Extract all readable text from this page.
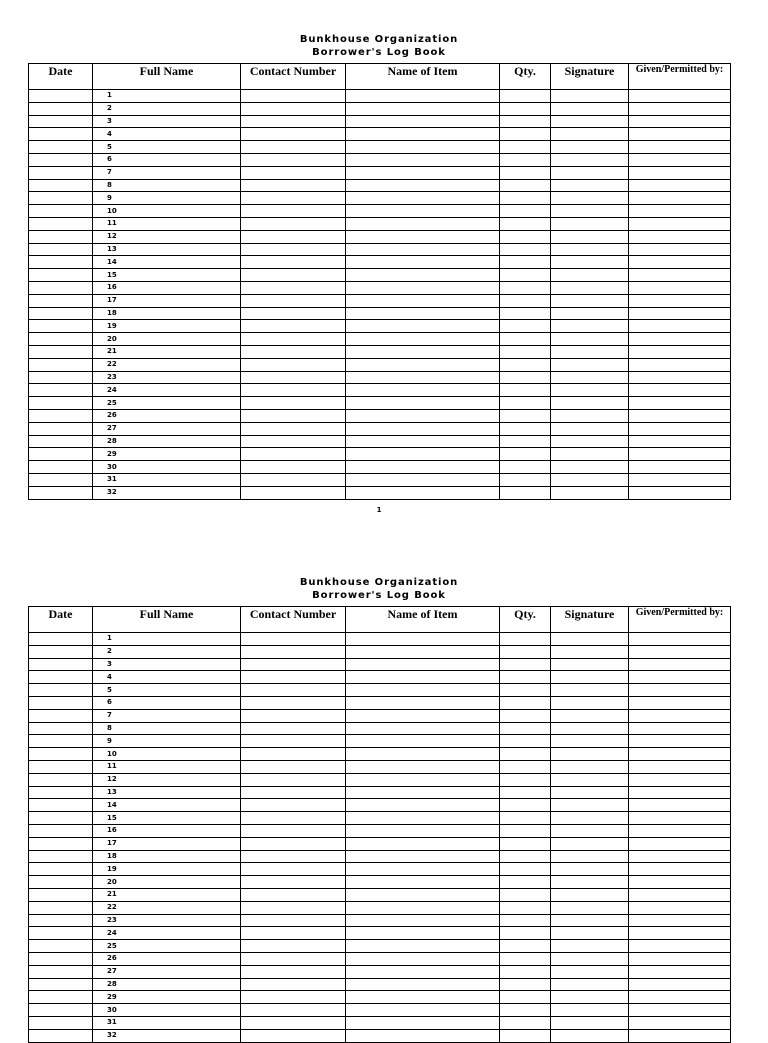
Bunkhouse Organization
Borrower's Log Book
Date	Full Name	Contact Number	Name of Item	Qty.	Signature	Given/Permitted by:
	1					
	2					
	3					
	4					
	5					
	6					
	7					
	8					
	9					
	10					
	11					
	12					
	13					
	14					
	15					
	16					
	17					
	18					
	19					
	20					
	21					
	22					
	23					
	24					
	25					
	26					
	27					
	28					
	29					
	30					
	31					
	32					
1
Bunkhouse Organization
Borrower's Log Book
Date	Full Name	Contact Number	Name of Item	Qty.	Signature	Given/Permitted by:
	1					
	2					
	3					
	4					
	5					
	6					
	7					
	8					
	9					
	10					
	11					
	12					
	13					
	14					
	15					
	16					
	17					
	18					
	19					
	20					
	21					
	22					
	23					
	24					
	25					
	26					
	27					
	28					
	29					
	30					
	31					
	32					
